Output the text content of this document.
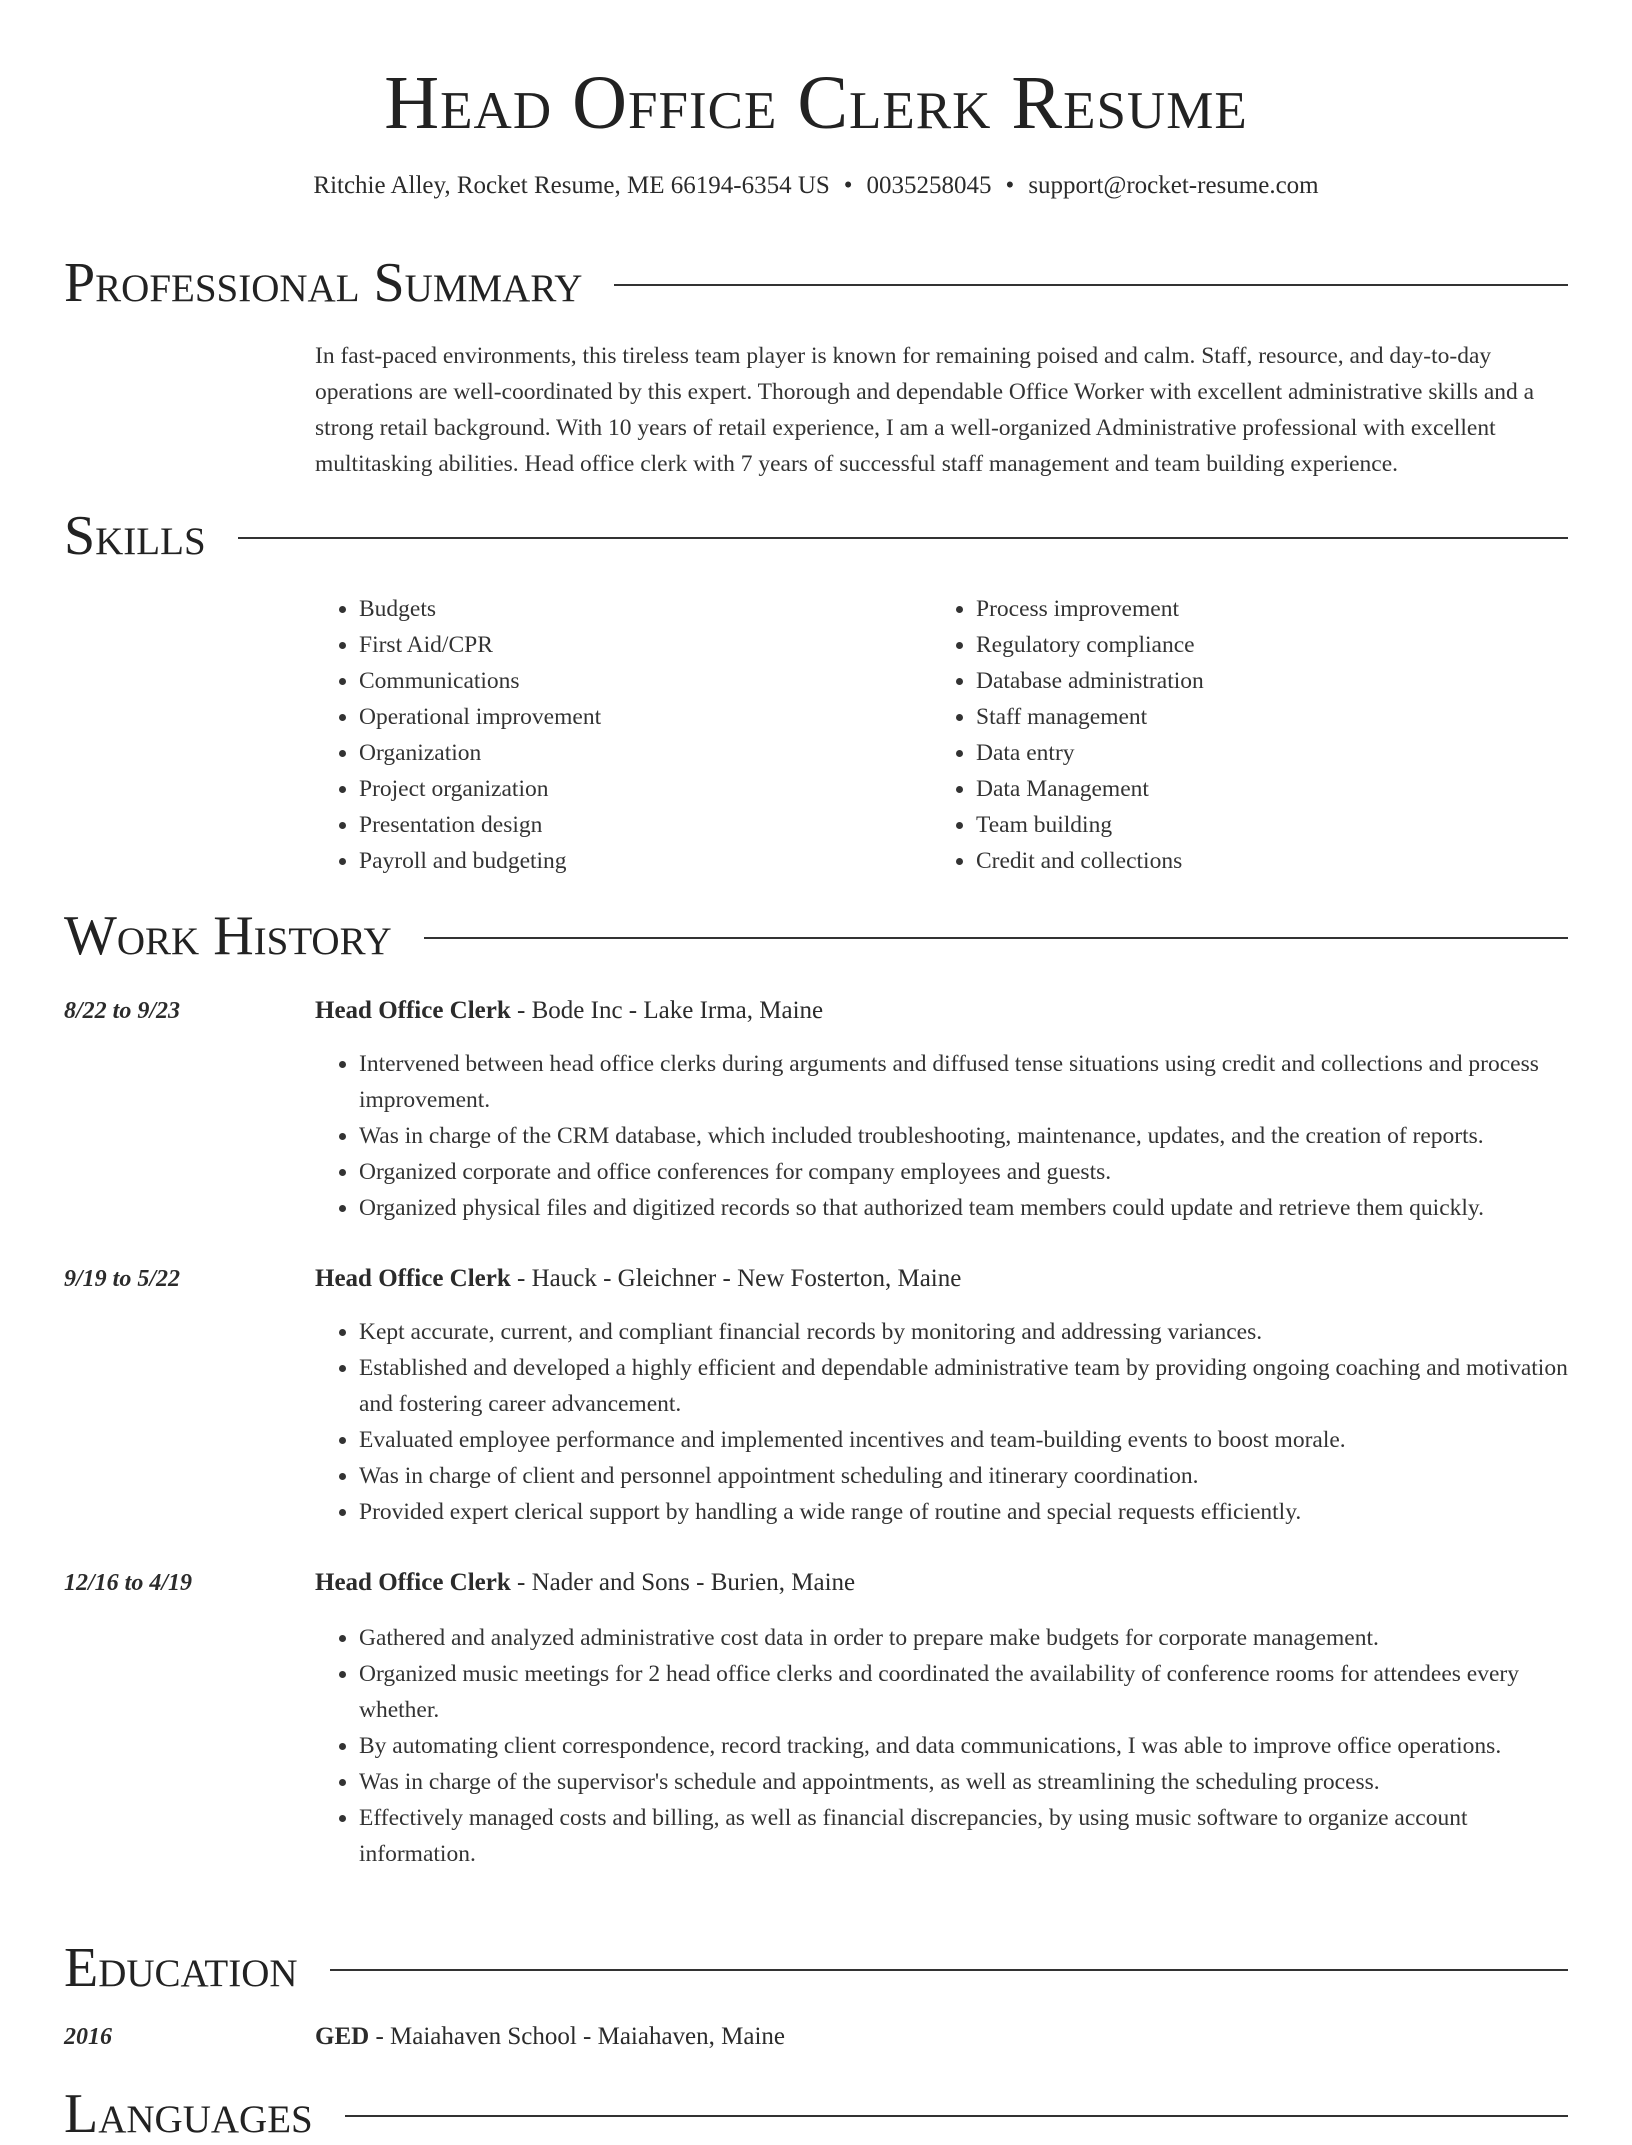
Head Office Clerk Resume
Ritchie Alley, Rocket Resume, ME 66194-6354 US • 0035258045 • support@rocket-resume.com
Professional Summary

In fast-paced environments, this tireless team player is known for remaining poised and calm. Staff, resource, and day-to-day operations are well-coordinated by this expert. Thorough and dependable Office Worker with excellent administrative skills and a strong retail background. With 10 years of retail experience, I am a well-organized Administrative professional with excellent multitasking abilities. Head office clerk with 7 years of successful staff management and team building experience.

Skills
• Budgets
• First Aid/CPR
• Communications
• Operational improvement
• Organization
• Project organization
• Presentation design
• Payroll and budgeting
• Process improvement
• Regulatory compliance
• Database administration
• Staff management
• Data entry
• Data Management
• Team building
• Credit and collections
Work History
8/22 to 9/23	Head Office Clerk - Bode Inc - Lake Irma, Maine
• Intervened between head office clerks during arguments and diffused tense situations using credit and collections and process improvement.
• Was in charge of the CRM database, which included troubleshooting, maintenance, updates, and the creation of reports.
• Organized corporate and office conferences for company employees and guests.
• Organized physical files and digitized records so that authorized team members could update and retrieve them quickly.
9/19 to 5/22	Head Office Clerk - Hauck - Gleichner - New Fosterton, Maine
• Kept accurate, current, and compliant financial records by monitoring and addressing variances.
• Established and developed a highly efficient and dependable administrative team by providing ongoing coaching and motivation and fostering career advancement.
• Evaluated employee performance and implemented incentives and team-building events to boost morale.
• Was in charge of client and personnel appointment scheduling and itinerary coordination.
• Provided expert clerical support by handling a wide range of routine and special requests efficiently.
12/16 to 4/19	Head Office Clerk - Nader and Sons - Burien, Maine
• Gathered and analyzed administrative cost data in order to prepare make budgets for corporate management.
• Organized music meetings for 2 head office clerks and coordinated the availability of conference rooms for attendees every whether.
• By automating client correspondence, record tracking, and data communications, I was able to improve office operations.
• Was in charge of the supervisor's schedule and appointments, as well as streamlining the scheduling process.
• Effectively managed costs and billing, as well as financial discrepancies, by using music software to organize account information.
Education
2016	GED - Maiahaven School - Maiahaven, Maine
Languages
